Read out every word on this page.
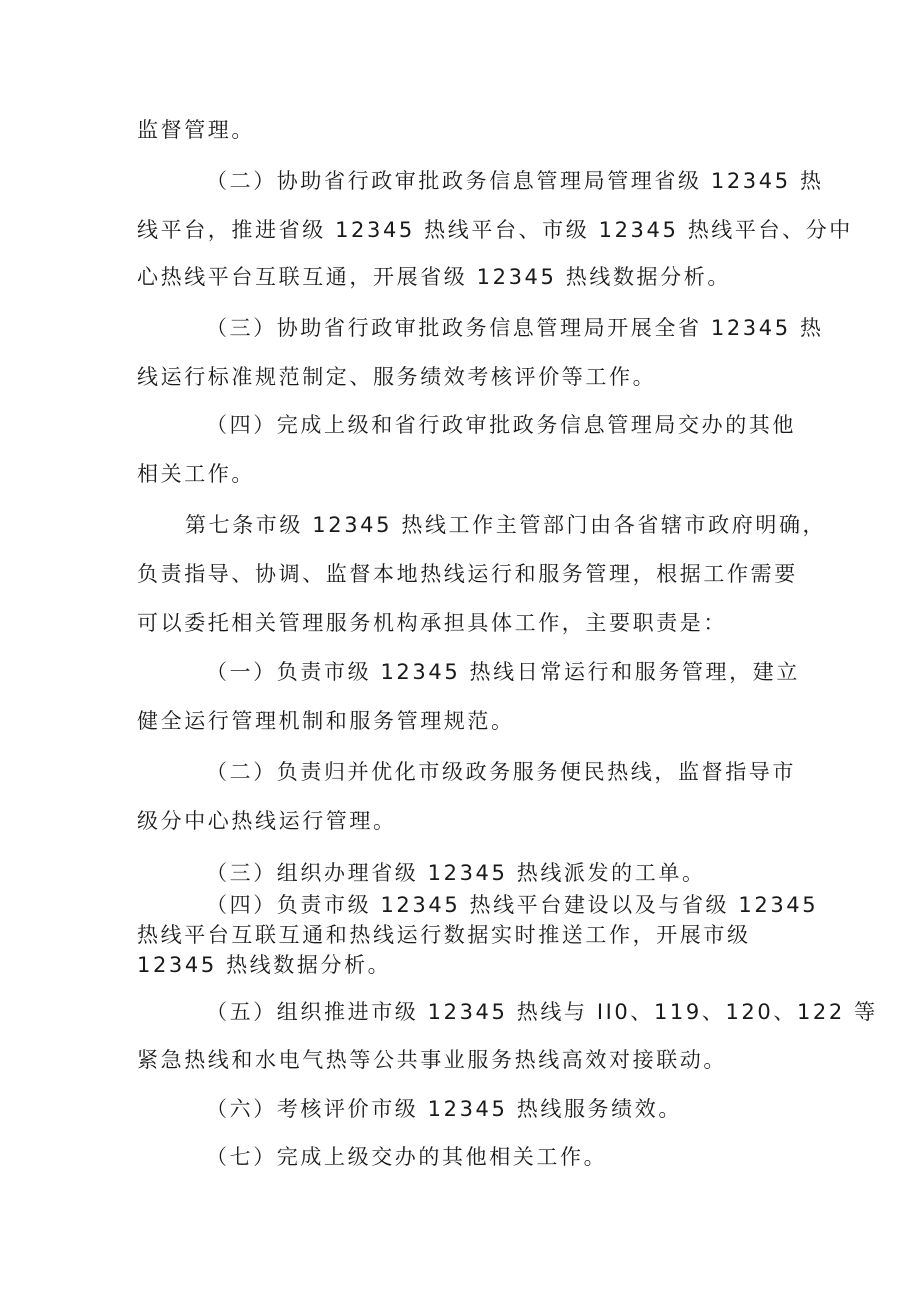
监督管理。
（二）协助省行政审批政务信息管理局管理省级 12345 热
线平台，推进省级 12345 热线平台、市级 12345 热线平台、分中
心热线平台互联互通，开展省级 12345 热线数据分析。
（三）协助省行政审批政务信息管理局开展全省 12345 热
线运行标准规范制定、服务绩效考核评价等工作。
（四）完成上级和省行政审批政务信息管理局交办的其他
相关工作。
第七条市级 12345 热线工作主管部门由各省辖市政府明确，
负责指导、协调、监督本地热线运行和服务管理，根据工作需要
可以委托相关管理服务机构承担具体工作，主要职责是：
（一）负责市级 12345 热线日常运行和服务管理，建立
健全运行管理机制和服务管理规范。
（二）负责归并优化市级政务服务便民热线，监督指导市
级分中心热线运行管理。
（三）组织办理省级 12345 热线派发的工单。
（四）负责市级 12345 热线平台建设以及与省级 12345
热线平台互联互通和热线运行数据实时推送工作，开展市级
12345 热线数据分析。
（五）组织推进市级 12345 热线与 II0、119、120、122 等
紧急热线和水电气热等公共事业服务热线高效对接联动。
（六）考核评价市级 12345 热线服务绩效。
（七）完成上级交办的其他相关工作。
